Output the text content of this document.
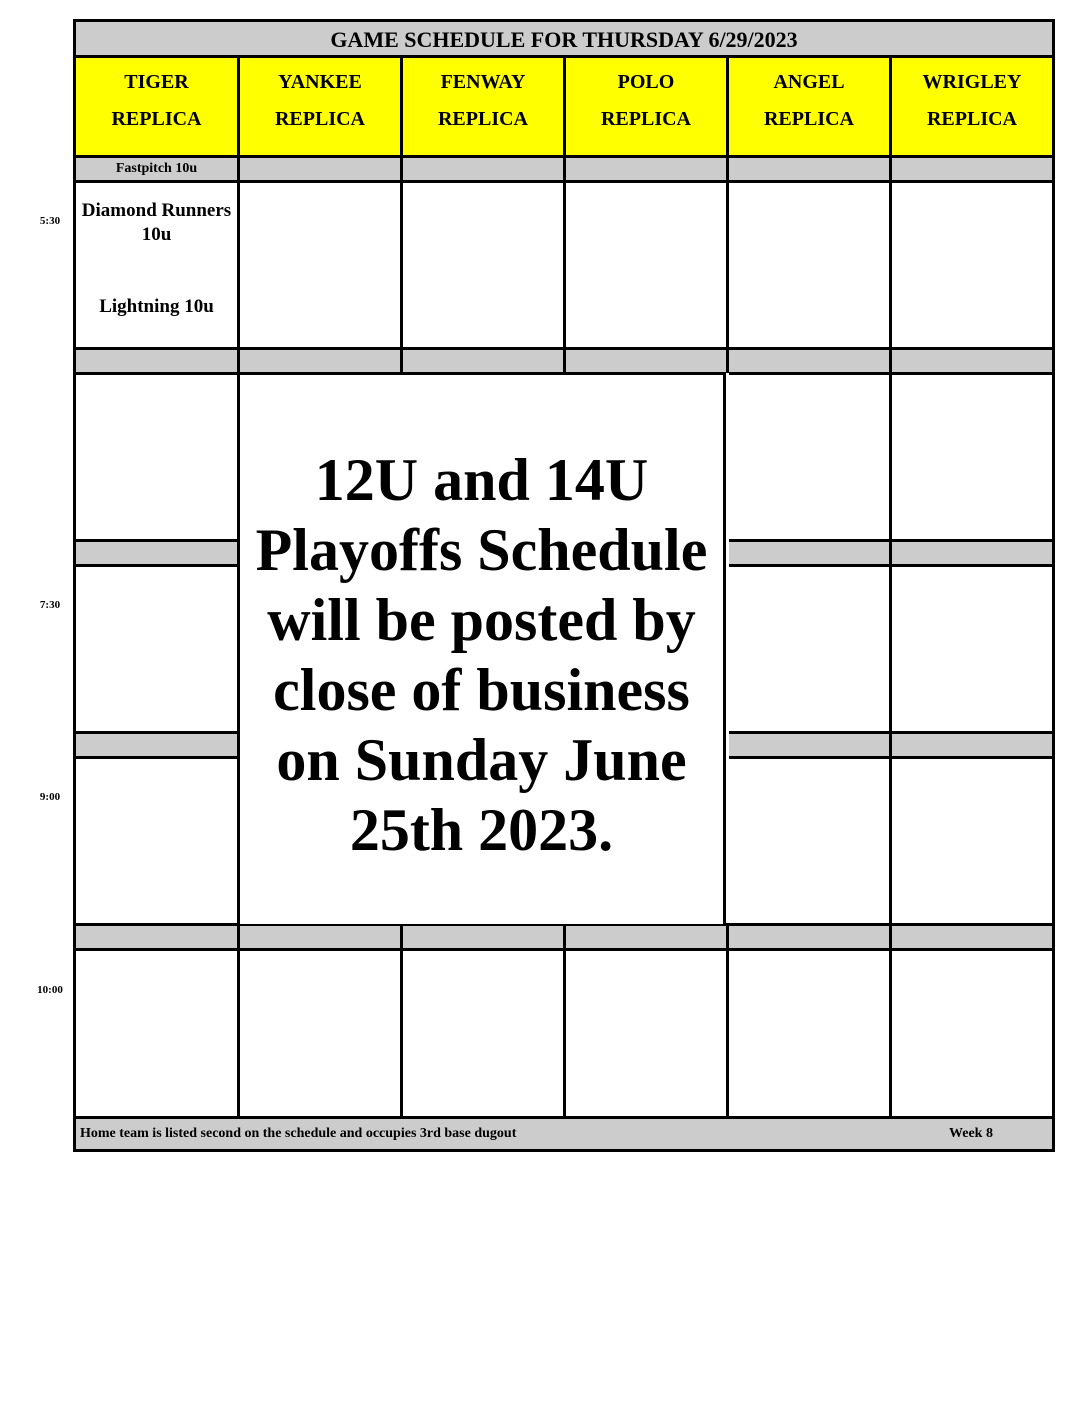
5:30
7:30
9:00
10:00
GAME SCHEDULE FOR THURSDAY 6/29/2023
TIGER
REPLICA
YANKEE
REPLICA
FENWAY
REPLICA
POLO
REPLICA
ANGEL
REPLICA
WRIGLEY
REPLICA
Fastpitch 10u
Diamond Runners
10u
Lightning 10u
12U and 14U
Playoffs Schedule
will be posted by
close of business
on Sunday June
25th 2023.
Home team is listed second on the schedule and occupies 3rd base dugout	Week 8
